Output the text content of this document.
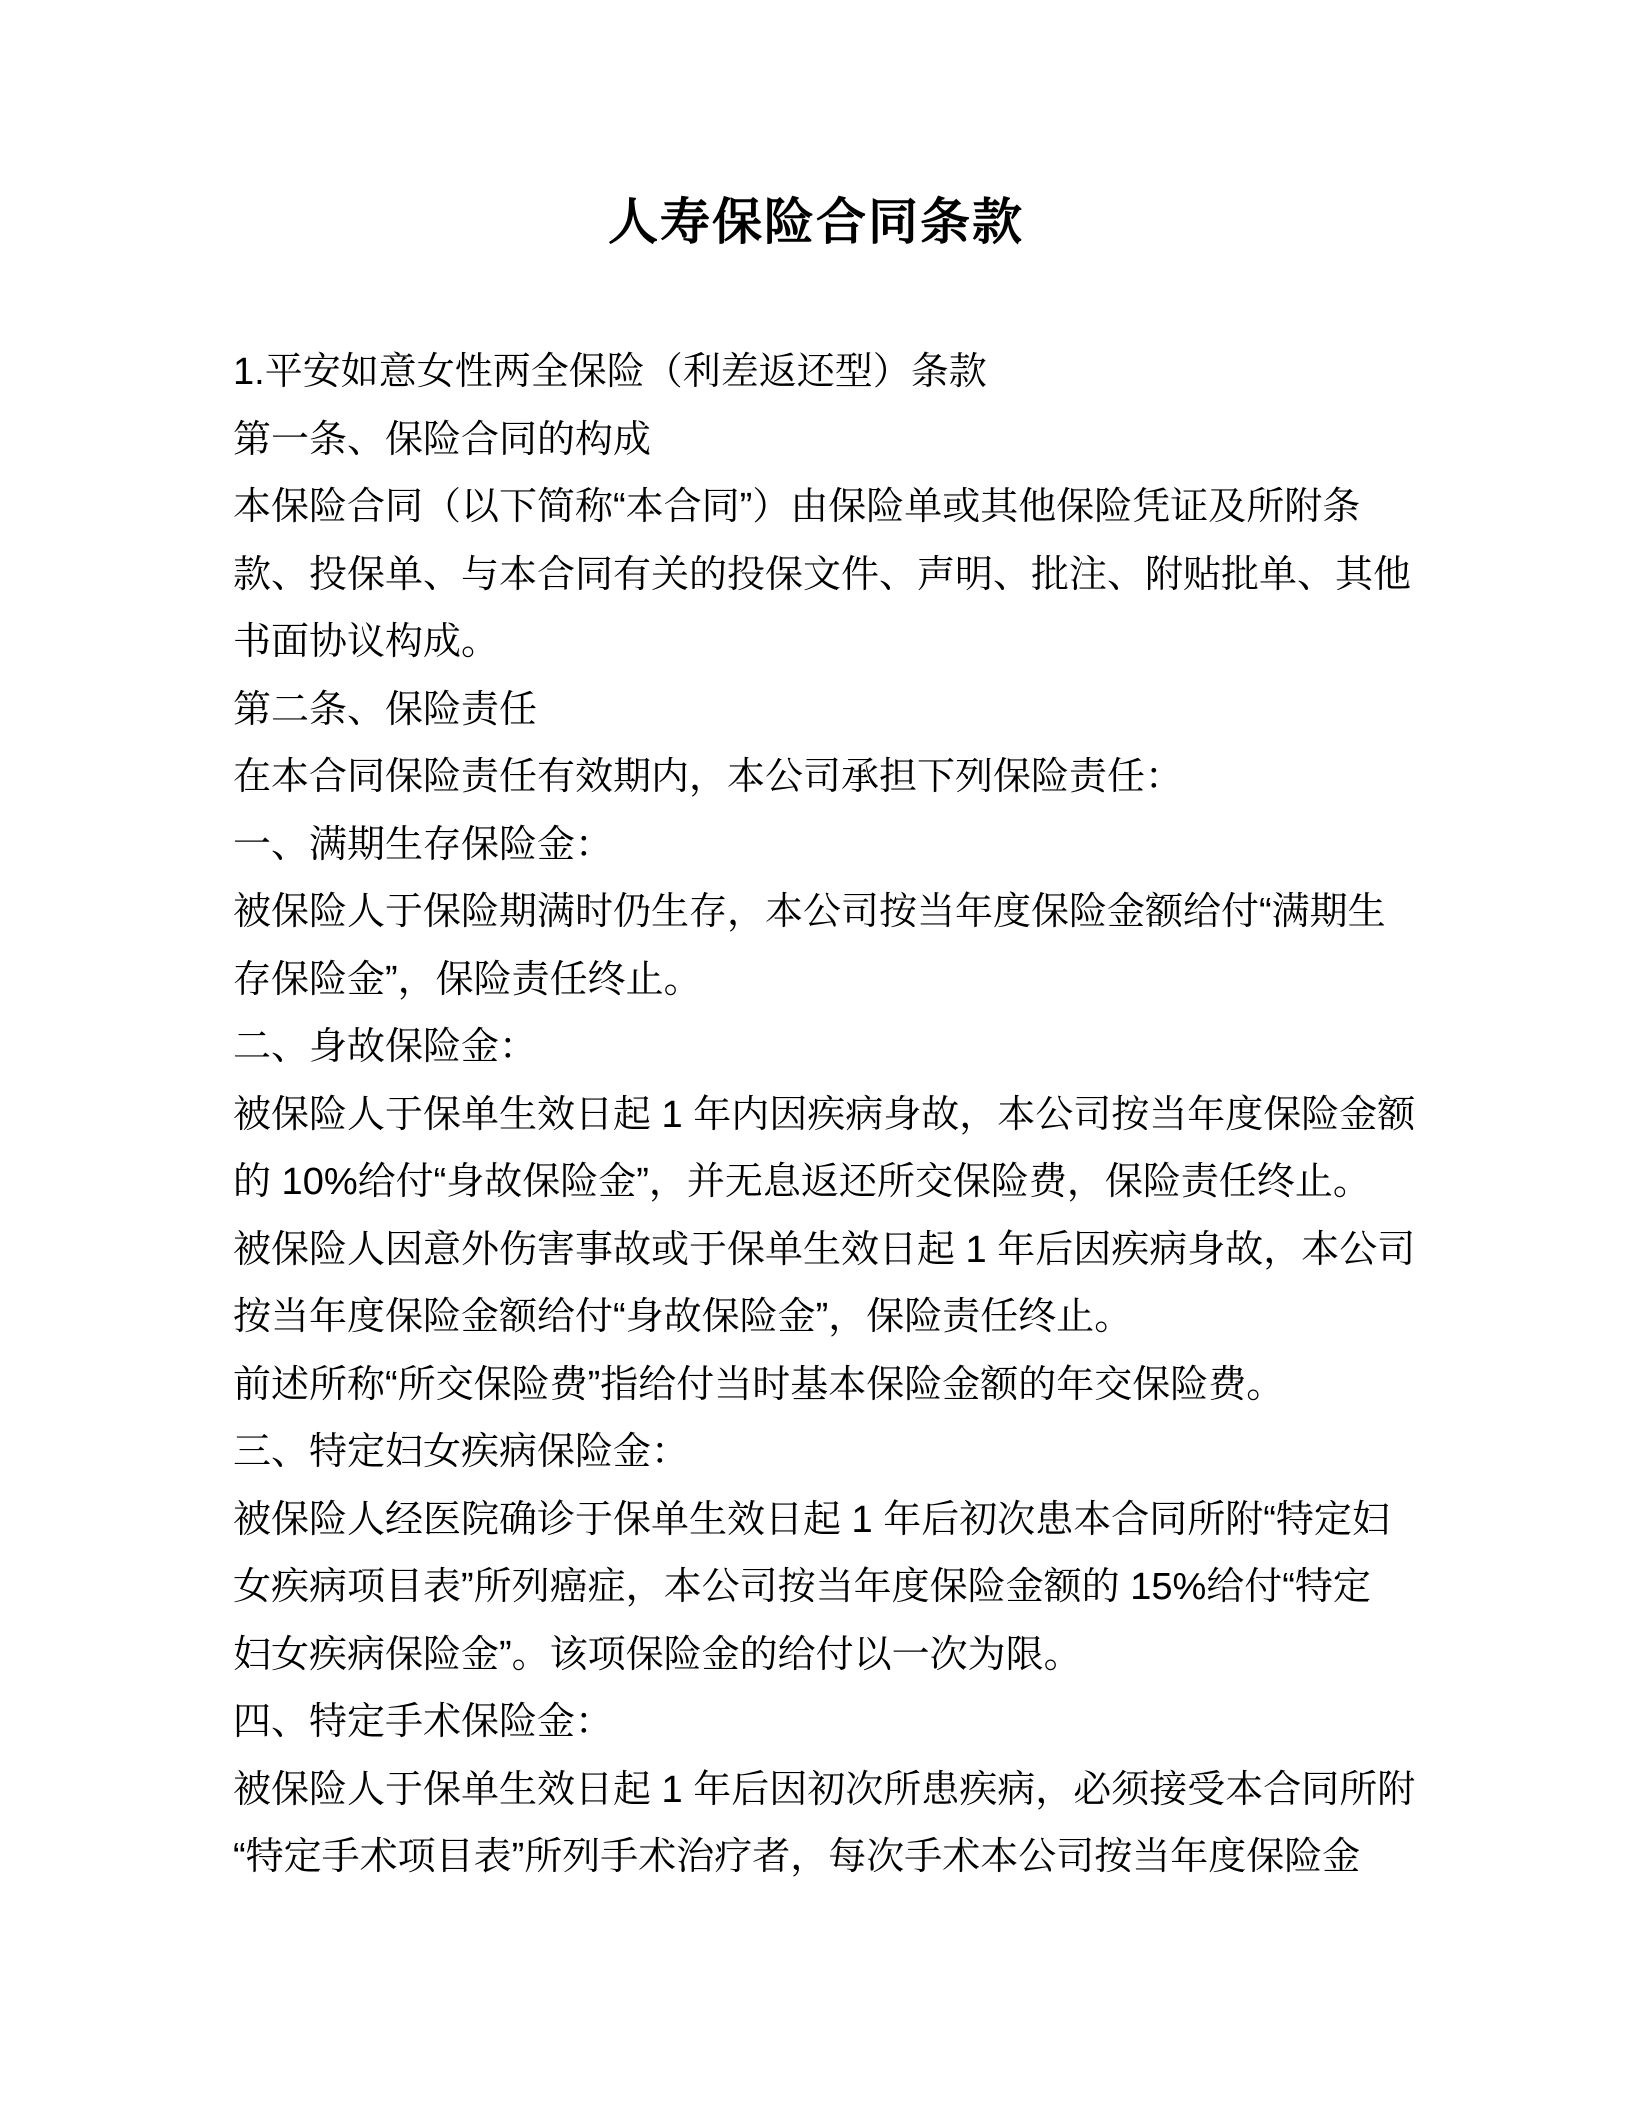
人寿保险合同条款

1.平安如意女性两全保险（利差返还型）条款

第一条、保险合同的构成

本保险合同（以下简称“本合同”）由保险单或其他保险凭证及所附条

款、投保单、与本合同有关的投保文件、声明、批注、附贴批单、其他

书面协议构成。

第二条、保险责任

在本合同保险责任有效期内，本公司承担下列保险责任：

一、满期生存保险金：

被保险人于保险期满时仍生存，本公司按当年度保险金额给付“满期生

存保险金”，保险责任终止。

二、身故保险金：

被保险人于保单生效日起 1 年内因疾病身故，本公司按当年度保险金额

的 10%给付“身故保险金”，并无息返还所交保险费，保险责任终止。

被保险人因意外伤害事故或于保单生效日起 1 年后因疾病身故，本公司

按当年度保险金额给付“身故保险金”，保险责任终止。

前述所称“所交保险费”指给付当时基本保险金额的年交保险费。

三、特定妇女疾病保险金：

被保险人经医院确诊于保单生效日起 1 年后初次患本合同所附“特定妇

女疾病项目表”所列癌症，本公司按当年度保险金额的 15%给付“特定

妇女疾病保险金”。该项保险金的给付以一次为限。

四、特定手术保险金：

被保险人于保单生效日起 1 年后因初次所患疾病，必须接受本合同所附

“特定手术项目表”所列手术治疗者，每次手术本公司按当年度保险金
